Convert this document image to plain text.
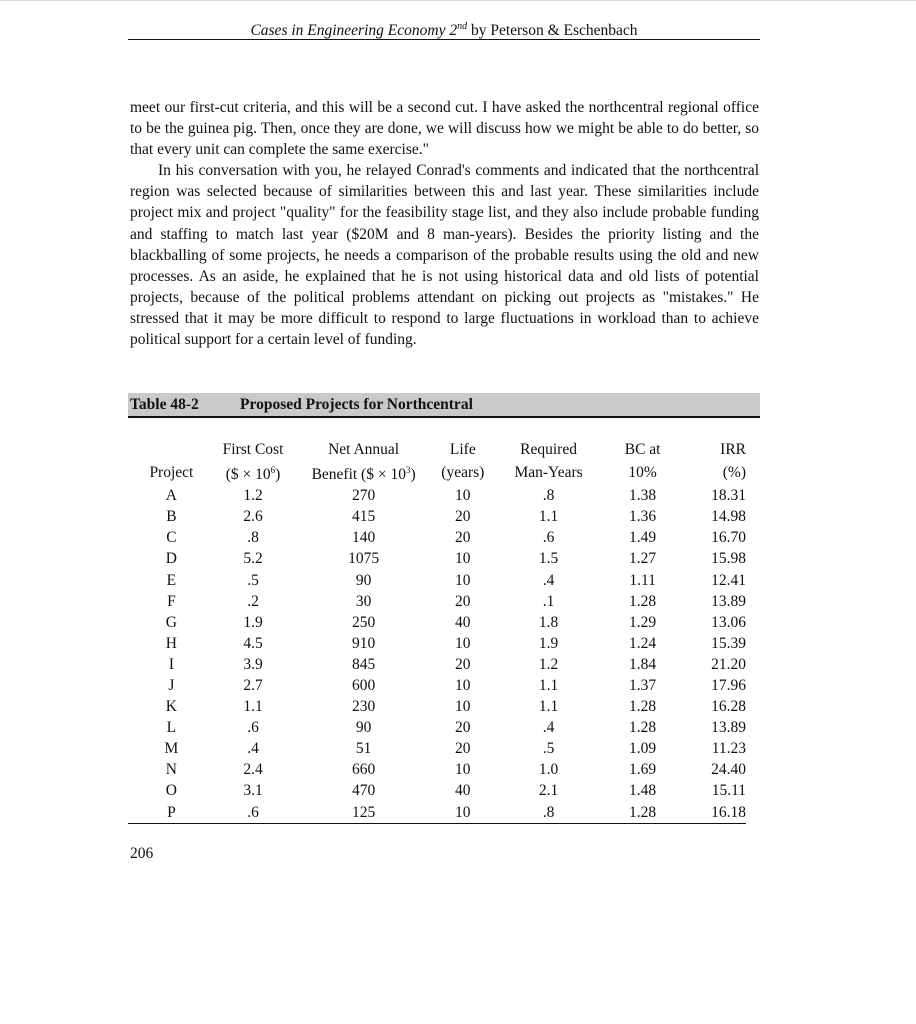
Cases in Engineering Economy 2nd by Peterson & Eschenbach

meet our first-cut criteria, and this will be a second cut. I have asked the northcentral regional office to be the guinea pig. Then, once they are done, we will discuss how we might be able to do better, so that every unit can complete the same exercise."

In his conversation with you, he relayed Conrad's comments and indicated that the northcentral region was selected because of similarities between this and last year. These similarities include project mix and project "quality" for the feasibility stage list, and they also include probable funding and staffing to match last year ($20M and 8 man-years). Besides the priority listing and the blackballing of some projects, he needs a comparison of the probable results using the old and new processes. As an aside, he explained that he is not using historical data and old lists of potential projects, because of the political problems attendant on picking out projects as "mistakes." He stressed that it may be more difficult to respond to large fluctuations in workload than to achieve political support for a certain level of funding.

Table 48-2	Proposed Projects for Northcentral
	First Cost	Net Annual	Life	Required	BC at	IRR
Project	($ × $10^6$)	Benefit ($ × $10^3$)	(years)	Man-Years	10%	(%)
A	1.2	270	10	.8	1.38	18.31
B	2.6	415	20	1.1	1.36	14.98
C	.8	140	20	.6	1.49	16.70
D	5.2	1075	10	1.5	1.27	15.98
E	.5	90	10	.4	1.11	12.41
F	.2	30	20	.1	1.28	13.89
G	1.9	250	40	1.8	1.29	13.06
H	4.5	910	10	1.9	1.24	15.39
I	3.9	845	20	1.2	1.84	21.20
J	2.7	600	10	1.1	1.37	17.96
K	1.1	230	10	1.1	1.28	16.28
L	.6	90	20	.4	1.28	13.89
M	.4	51	20	.5	1.09	11.23
N	2.4	660	10	1.0	1.69	24.40
O	3.1	470	40	2.1	1.48	15.11
P	.6	125	10	.8	1.28	16.18
206
